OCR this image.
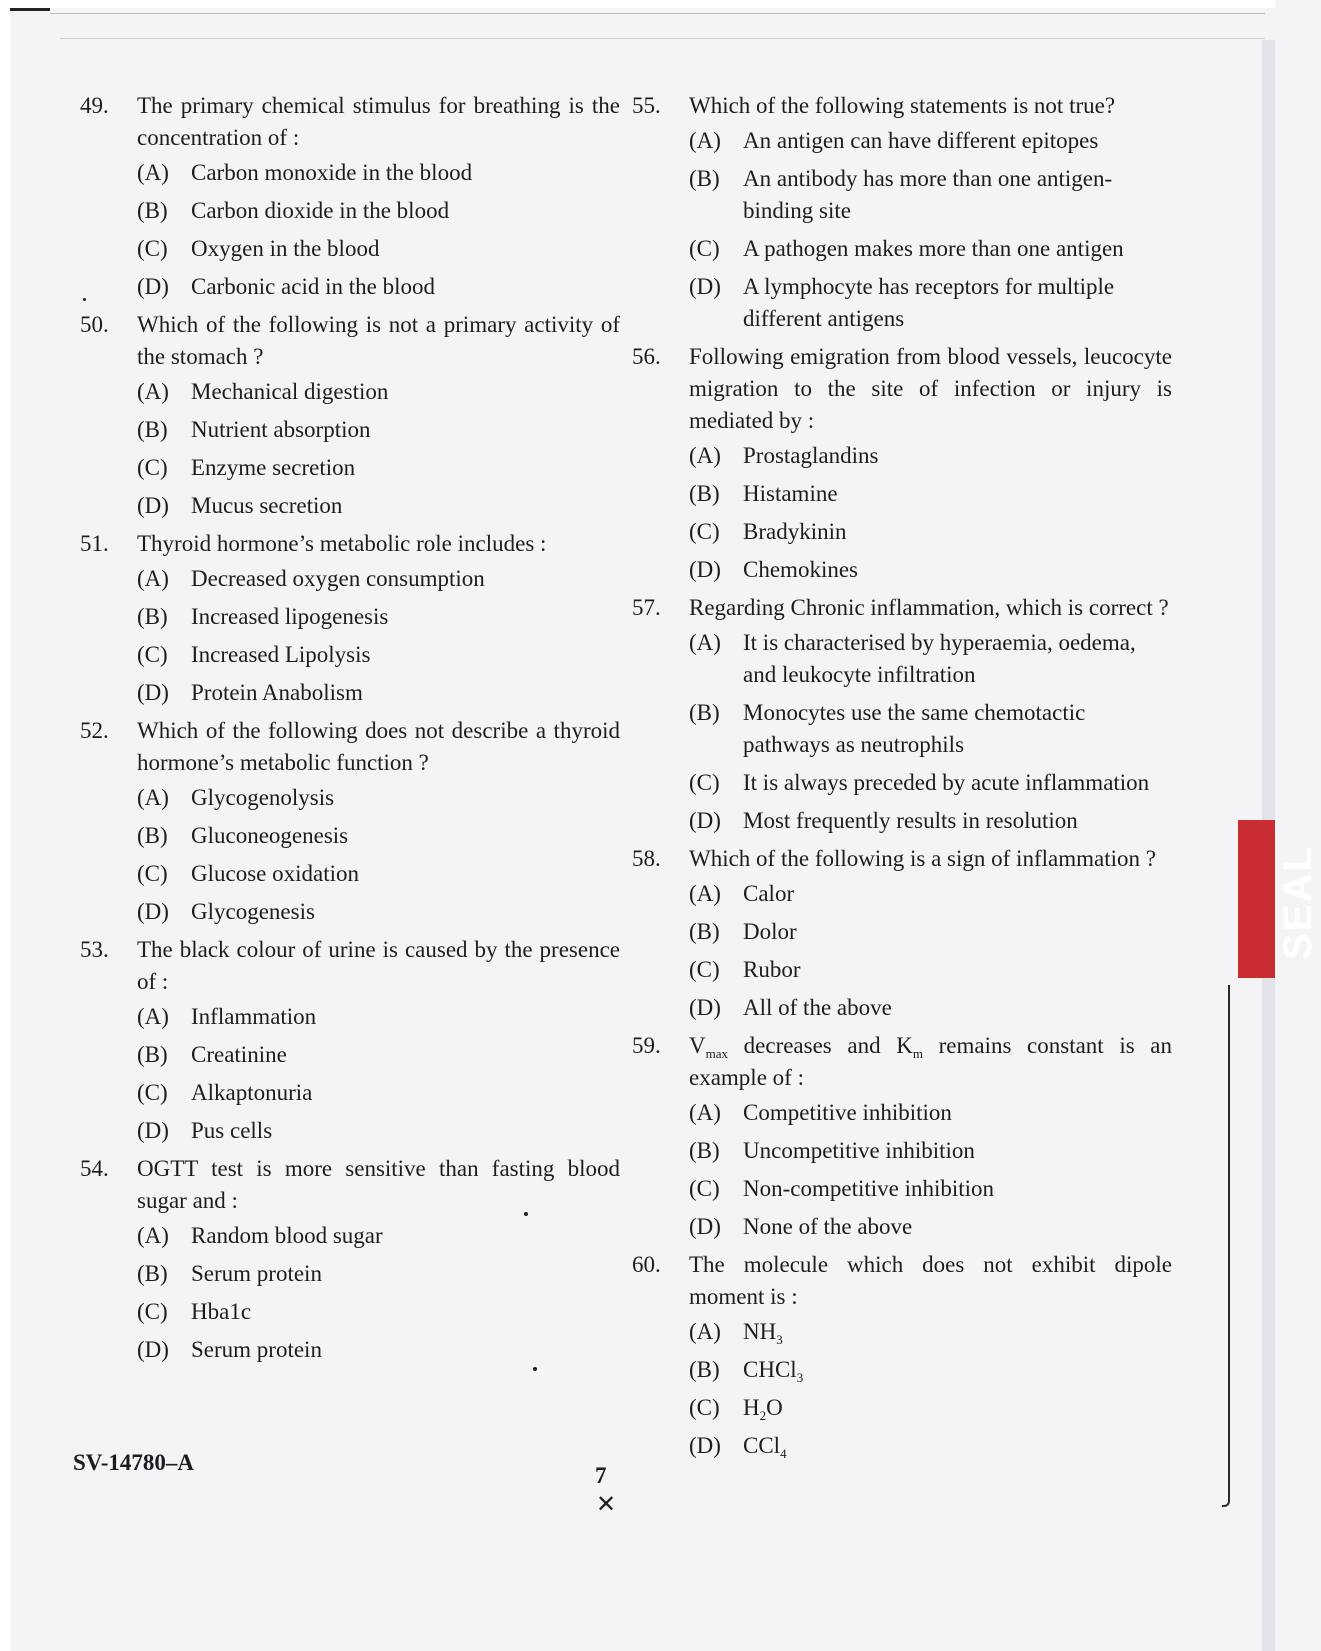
SEAL
49.	The primary chemical stimulus for breathing is the concentration of :
(A) Carbon monoxide in the blood
(B) Carbon dioxide in the blood
(C) Oxygen in the blood
(D) Carbonic acid in the blood
50.	Which of the following is not a primary activity of the stomach ?
(A) Mechanical digestion
(B) Nutrient absorption
(C) Enzyme secretion
(D) Mucus secretion
51.	Thyroid hormone’s metabolic role includes :
(A) Decreased oxygen consumption
(B) Increased lipogenesis
(C) Increased Lipolysis
(D) Protein Anabolism
52.	Which of the following does not describe a thyroid hormone’s metabolic function ?
(A) Glycogenolysis
(B) Gluconeogenesis
(C) Glucose oxidation
(D) Glycogenesis
53.	The black colour of urine is caused by the presence of :
(A) Inflammation
(B) Creatinine
(C) Alkaptonuria
(D) Pus cells
54.	OGTT test is more sensitive than fasting blood sugar and :
(A) Random blood sugar
(B) Serum protein
(C) Hba1c
(D) Serum protein
55.	Which of the following statements is not true?
(A) An antigen can have different epitopes
(B) An antibody has more than one antigen-binding site
(C) A pathogen makes more than one antigen
(D) A lymphocyte has receptors for multiple different antigens
56.	Following emigration from blood vessels, leucocyte migration to the site of infection or injury is mediated by :
(A) Prostaglandins
(B) Histamine
(C) Bradykinin
(D) Chemokines
57.	Regarding Chronic inflammation, which is correct ?
(A) It is characterised by hyperaemia, oedema, and leukocyte infiltration
(B) Monocytes use the same chemotactic pathways as neutrophils
(C) It is always preceded by acute inflammation
(D) Most frequently results in resolution
58.	Which of the following is a sign of inflammation ?
(A) Calor
(B) Dolor
(C) Rubor
(D) All of the above
59.	$V_{max}$ decreases and $K_m$ remains constant is an example of :
(A) Competitive inhibition
(B) Uncompetitive inhibition
(C) Non-competitive inhibition
(D) None of the above
60.	The molecule which does not exhibit dipole moment is :
(A) $NH_3$
(B) CHCl$_3$
(C) $H_2O$
(D) CCl$_4$
SV-14780–A
7
✕
